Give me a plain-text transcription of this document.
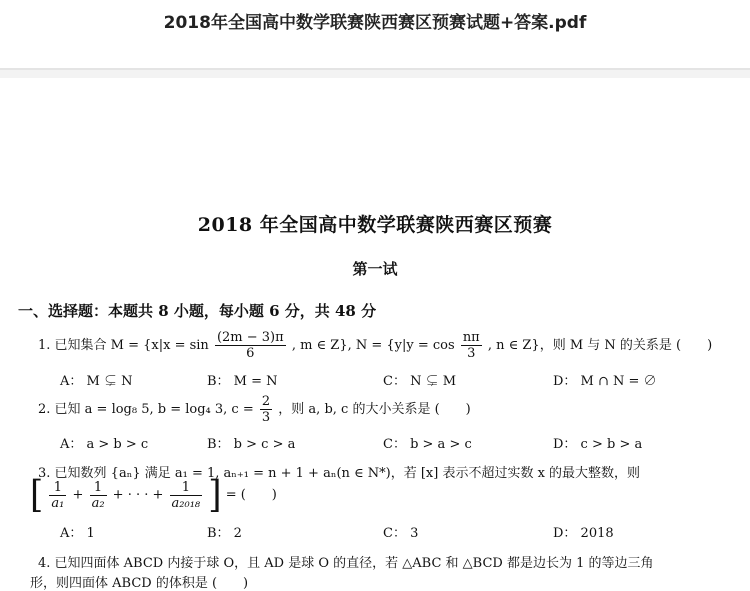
2018年全国高中数学联赛陕西赛区预赛试题+答案.pdf
2018 年全国高中数学联赛陕西赛区预赛
第一试
一、选择题：本题共 8 小题，每小题 6 分，共 48 分
1. 已知集合 $M = \{x|x = \sin \frac{(2m - 3)\pi}{6}$ , m ∈ Z}, $N = \{y|y = \cos \frac{n\pi}{3}$ , n ∈ Z}，则 M 与 N 的关系是 (　　)
A： M ⊊ N	B： M = N	C： N ⊊ M	D： M ∩ N = ∅
2. 已知 a = log₈ 5, b = log₄ 3, $c = \frac{2}{3}$ ，则 a, b, c 的大小关系是 (　　)
A： a > b > c	B： b > c > a	C： b > a > c	D： c > b > a
3. 已知数列 {aₙ} 满足 a₁ = 1, aₙ₊₁ = n + 1 + aₙ(n ∈ N*)，若 [x] 表示不超过实数 x 的最大整数，则
[ $\frac{1}{\text{a₁}} + \frac{1}{\text{a₂}}$ + · · · + $\frac{1}{\text{a₂₀₁₈}}$ ] = (　　)
A： 1	B： 2	C： 3	D： 2018
4. 已知四面体 ABCD 内接于球 O，且 AD 是球 O 的直径，若 △ABC 和 △BCD 都是边长为 1 的等边三角
形，则四面体 ABCD 的体积是 (　　)
